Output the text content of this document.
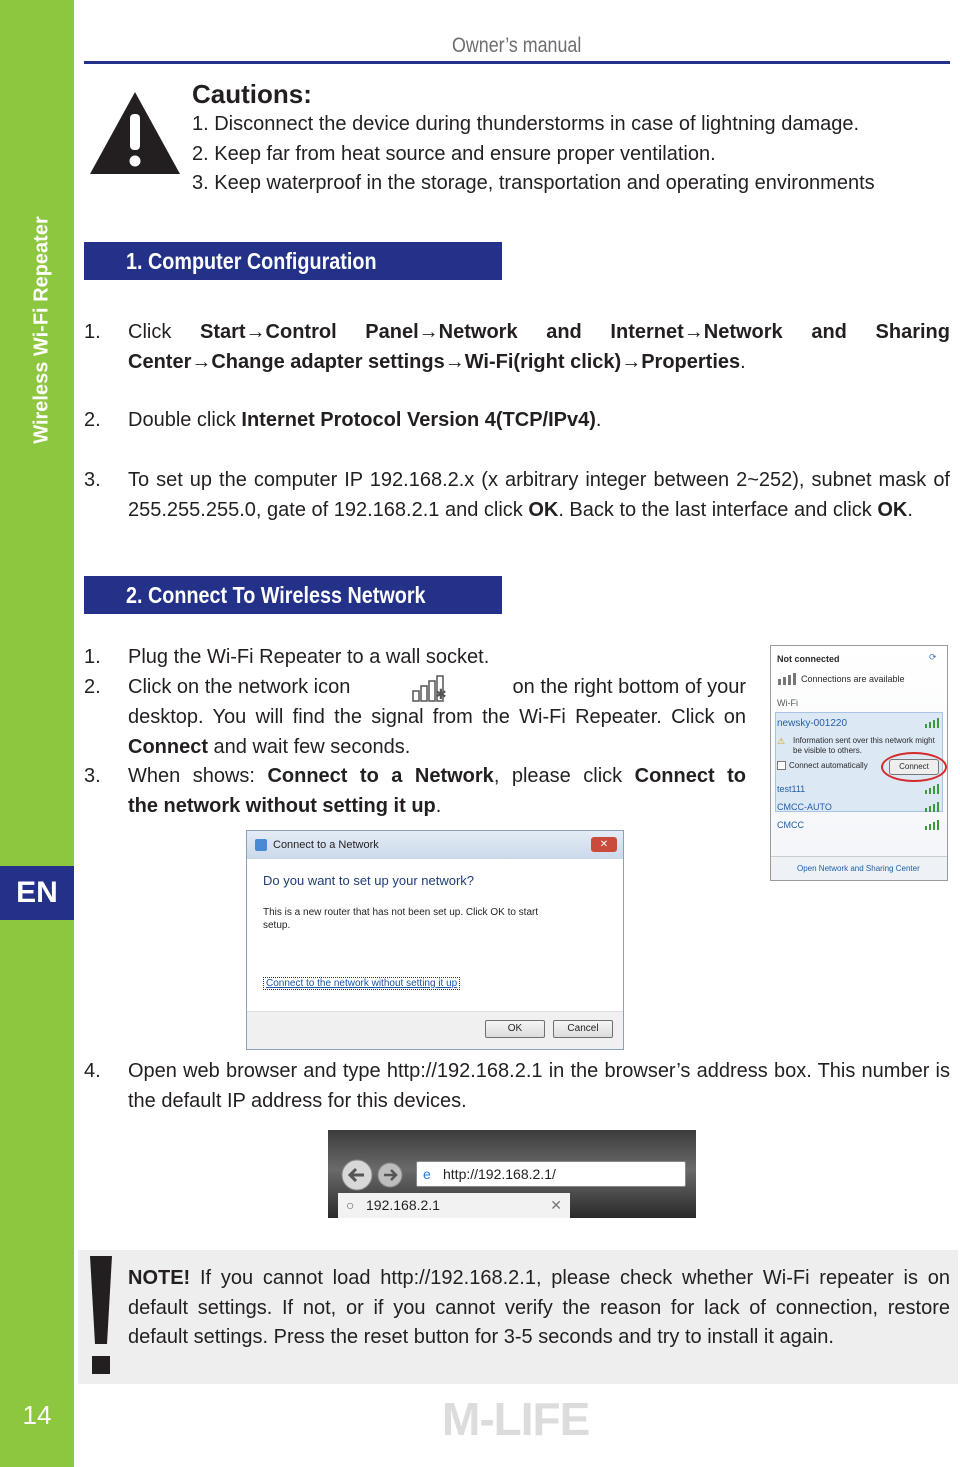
Wireless Wi-Fi Repeater
EN
14
Owner’s manual
Cautions:

1. Disconnect the device during thunderstorms in case of lightning damage.

2. Keep far from heat source and ensure proper ventilation.

3. Keep waterproof in the storage, transportation and operating environments

1. Computer Configuration
1. Click Start→Control Panel→Network and Internet→Network and Sharing
Center→Change adapter settings→Wi-Fi(right click)→Properties.
2. Double click Internet Protocol Version 4(TCP/IPv4).
3. To set up the computer IP 192.168.2.x (x arbitrary integer between 2~252), subnet mask of 255.255.255.0, gate of 192.168.2.1 and click OK. Back to the last interface and click OK.
2. Connect To Wireless Network
1. Plug the Wi-Fi Repeater to a wall socket.
2. Click on the network icon	✱	on the right bottom of your
desktop. You will find the signal from the Wi-Fi Repeater. Click on Connect and wait few seconds.
3. When shows: Connect to a Network, please click Connect to
the network without setting it up.
Not connected	⟳
Connections are available
Wi-Fi
newsky-001220
⚠ Information sent over this network might be visible to others.
Connect automatically	Connect
test111
CMCC-AUTO
CMCC
Open Network and Sharing Center
Connect to a Network	✕
Do you want to set up your network?
This is a new router that has not been set up. Click OK to start setup.
Connect to the network without setting it up
OK	Cancel
4. Open web browser and type http://192.168.2.1 in the browser’s address box. This number is the default IP address for this devices.
e http://192.168.2.1/
○ 192.168.2.1	✕
NOTE! If you cannot load http://192.168.2.1, please check whether Wi-Fi repeater is on default settings. If not, or if you cannot verify the reason for lack of connection, restore default settings. Press the reset button for 3-5 seconds and try to install it again.
M-LIFE
